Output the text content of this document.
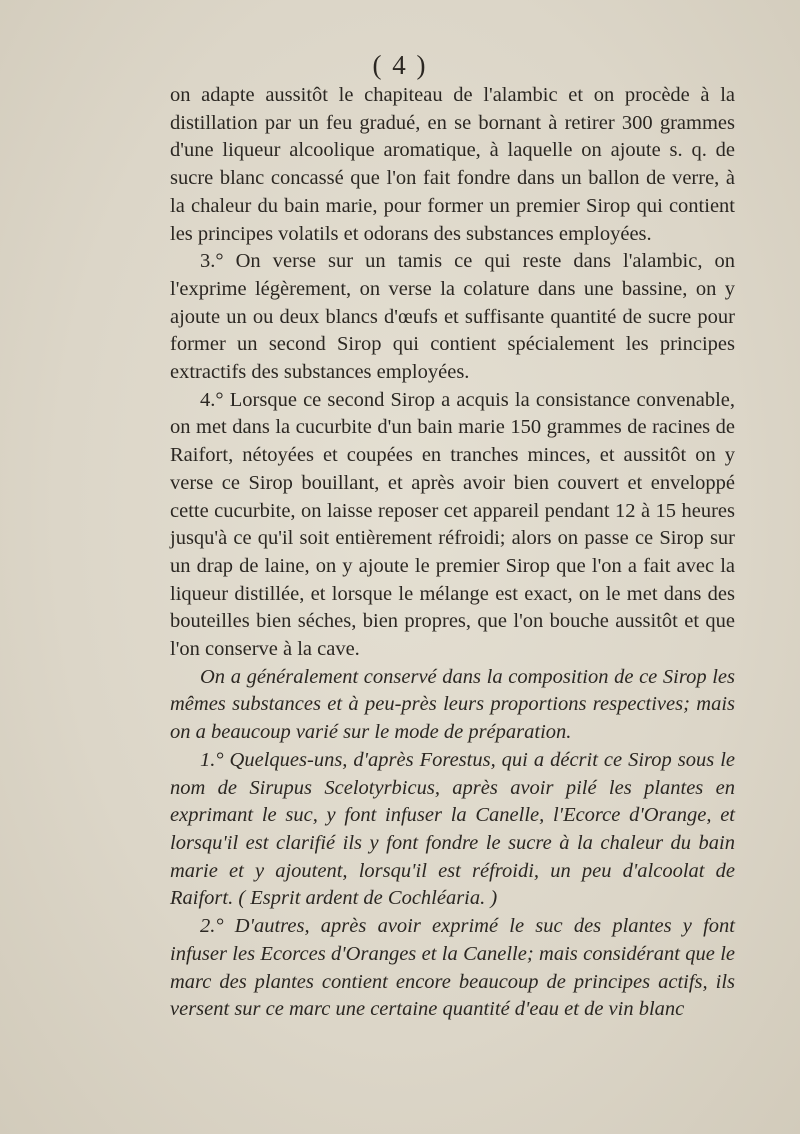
( 4 )

on adapte aussitôt le chapiteau de l'alambic et on procède à la distillation par un feu gradué, en se bornant à retirer 300 grammes d'une liqueur alcoolique aromatique, à laquelle on ajoute s. q. de sucre blanc concassé que l'on fait fondre dans un ballon de verre, à la chaleur du bain marie, pour former un premier Sirop qui contient les principes volatils et odorans des substances employées.

3.° On verse sur un tamis ce qui reste dans l'alambic, on l'exprime légèrement, on verse la colature dans une bassine, on y ajoute un ou deux blancs d'œufs et suffisante quantité de sucre pour former un second Sirop qui contient spécialement les principes extractifs des substances employées.

4.° Lorsque ce second Sirop a acquis la consistance convenable, on met dans la cucurbite d'un bain marie 150 grammes de racines de Raifort, nétoyées et coupées en tranches minces, et aussitôt on y verse ce Sirop bouillant, et après avoir bien couvert et enveloppé cette cucurbite, on laisse reposer cet appareil pendant 12 à 15 heures jusqu'à ce qu'il soit entièrement réfroidi; alors on passe ce Sirop sur un drap de laine, on y ajoute le premier Sirop que l'on a fait avec la liqueur distillée, et lorsque le mélange est exact, on le met dans des bouteilles bien séches, bien propres, que l'on bouche aussitôt et que l'on conserve à la cave.

On a généralement conservé dans la composition de ce Sirop les mêmes substances et à peu-près leurs proportions respectives; mais on a beaucoup varié sur le mode de préparation.

1.° Quelques-uns, d'après Forestus, qui a décrit ce Sirop sous le nom de Sirupus Scelotyrbicus, après avoir pilé les plantes en exprimant le suc, y font infuser la Canelle, l'Ecorce d'Orange, et lorsqu'il est clarifié ils y font fondre le sucre à la chaleur du bain marie et y ajoutent, lorsqu'il est réfroidi, un peu d'alcoolat de Raifort. ( Esprit ardent de Cochléaria. )

2.° D'autres, après avoir exprimé le suc des plantes y font infuser les Ecorces d'Oranges et la Canelle; mais considérant que le marc des plantes contient encore beaucoup de principes actifs, ils versent sur ce marc une certaine quantité d'eau et de vin blanc
